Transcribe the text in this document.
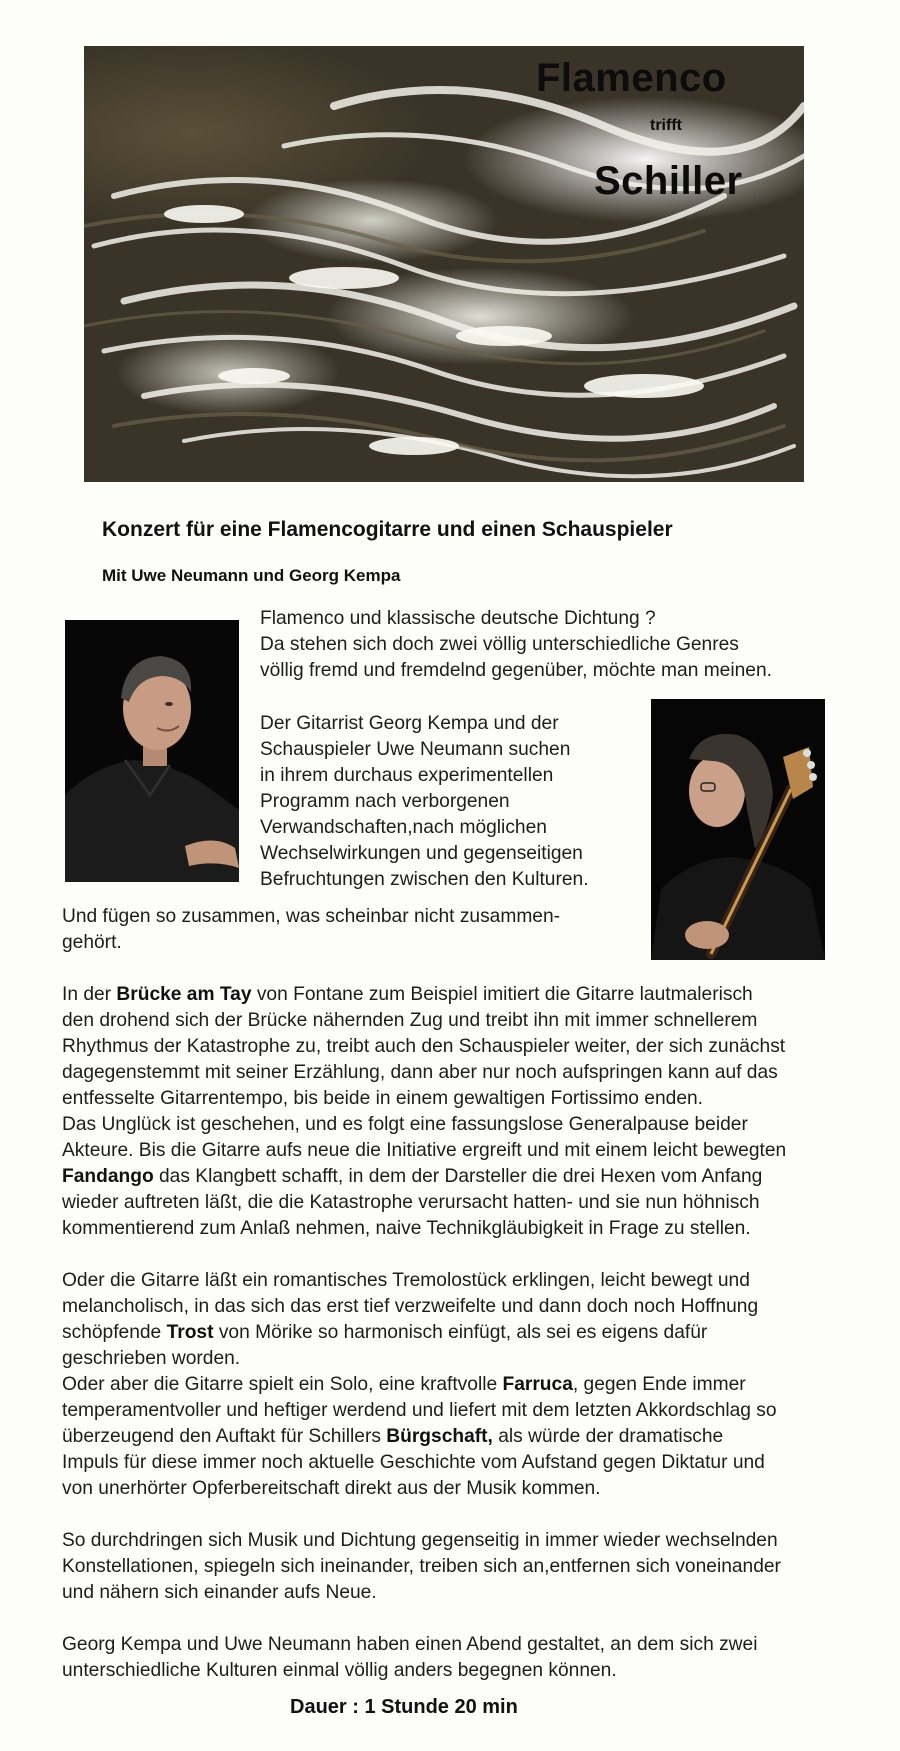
Flamenco
trifft
Schiller
Konzert für eine Flamencogitarre und einen Schauspieler
Mit Uwe Neumann und Georg Kempa

Flamenco und klassische deutsche Dichtung ?
Da stehen sich doch zwei völlig unterschiedliche Genres
völlig fremd und fremdelnd gegenüber, möchte man meinen.

Der Gitarrist Georg Kempa und der
Schauspieler Uwe Neumann suchen
in ihrem durchaus experimentellen
Programm nach verborgenen
Verwandschaften,nach möglichen
Wechselwirkungen und gegenseitigen
Befruchtungen zwischen den Kulturen.

Und fügen so zusammen, was scheinbar nicht zusammen-
gehört.

In der Brücke am Tay von Fontane zum Beispiel imitiert die Gitarre lautmalerisch
den drohend sich der Brücke nähernden Zug und treibt ihn mit immer schnellerem
Rhythmus der Katastrophe zu, treibt auch den Schauspieler weiter, der sich zunächst
dagegenstemmt mit seiner Erzählung, dann aber nur noch aufspringen kann auf das
entfesselte Gitarrentempo, bis beide in einem gewaltigen Fortissimo enden.
Das Unglück ist geschehen, und es folgt eine fassungslose Generalpause beider
Akteure. Bis die Gitarre aufs neue die Initiative ergreift und mit einem leicht bewegten
Fandango das Klangbett schafft, in dem der Darsteller die drei Hexen vom Anfang
wieder auftreten läßt, die die Katastrophe verursacht hatten- und sie nun höhnisch
kommentierend zum Anlaß nehmen, naive Technikgläubigkeit in Frage zu stellen.

Oder die Gitarre läßt ein romantisches Tremolostück erklingen, leicht bewegt und
melancholisch, in das sich das erst tief verzweifelte und dann doch noch Hoffnung
schöpfende Trost von Mörike so harmonisch einfügt, als sei es eigens dafür
geschrieben worden.
Oder aber die Gitarre spielt ein Solo, eine kraftvolle Farruca, gegen Ende immer
temperamentvoller und heftiger werdend und liefert mit dem letzten Akkordschlag so
überzeugend den Auftakt für Schillers Bürgschaft, als würde der dramatische
Impuls für diese immer noch aktuelle Geschichte vom Aufstand gegen Diktatur und
von unerhörter Opferbereitschaft direkt aus der Musik kommen.

So durchdringen sich Musik und Dichtung gegenseitig in immer wieder wechselnden
Konstellationen, spiegeln sich ineinander, treiben sich an,entfernen sich voneinander
und nähern sich einander aufs Neue.

Georg Kempa und Uwe Neumann haben einen Abend gestaltet, an dem sich zwei
unterschiedliche Kulturen einmal völlig anders begegnen können.

Dauer : 1 Stunde 20 min
